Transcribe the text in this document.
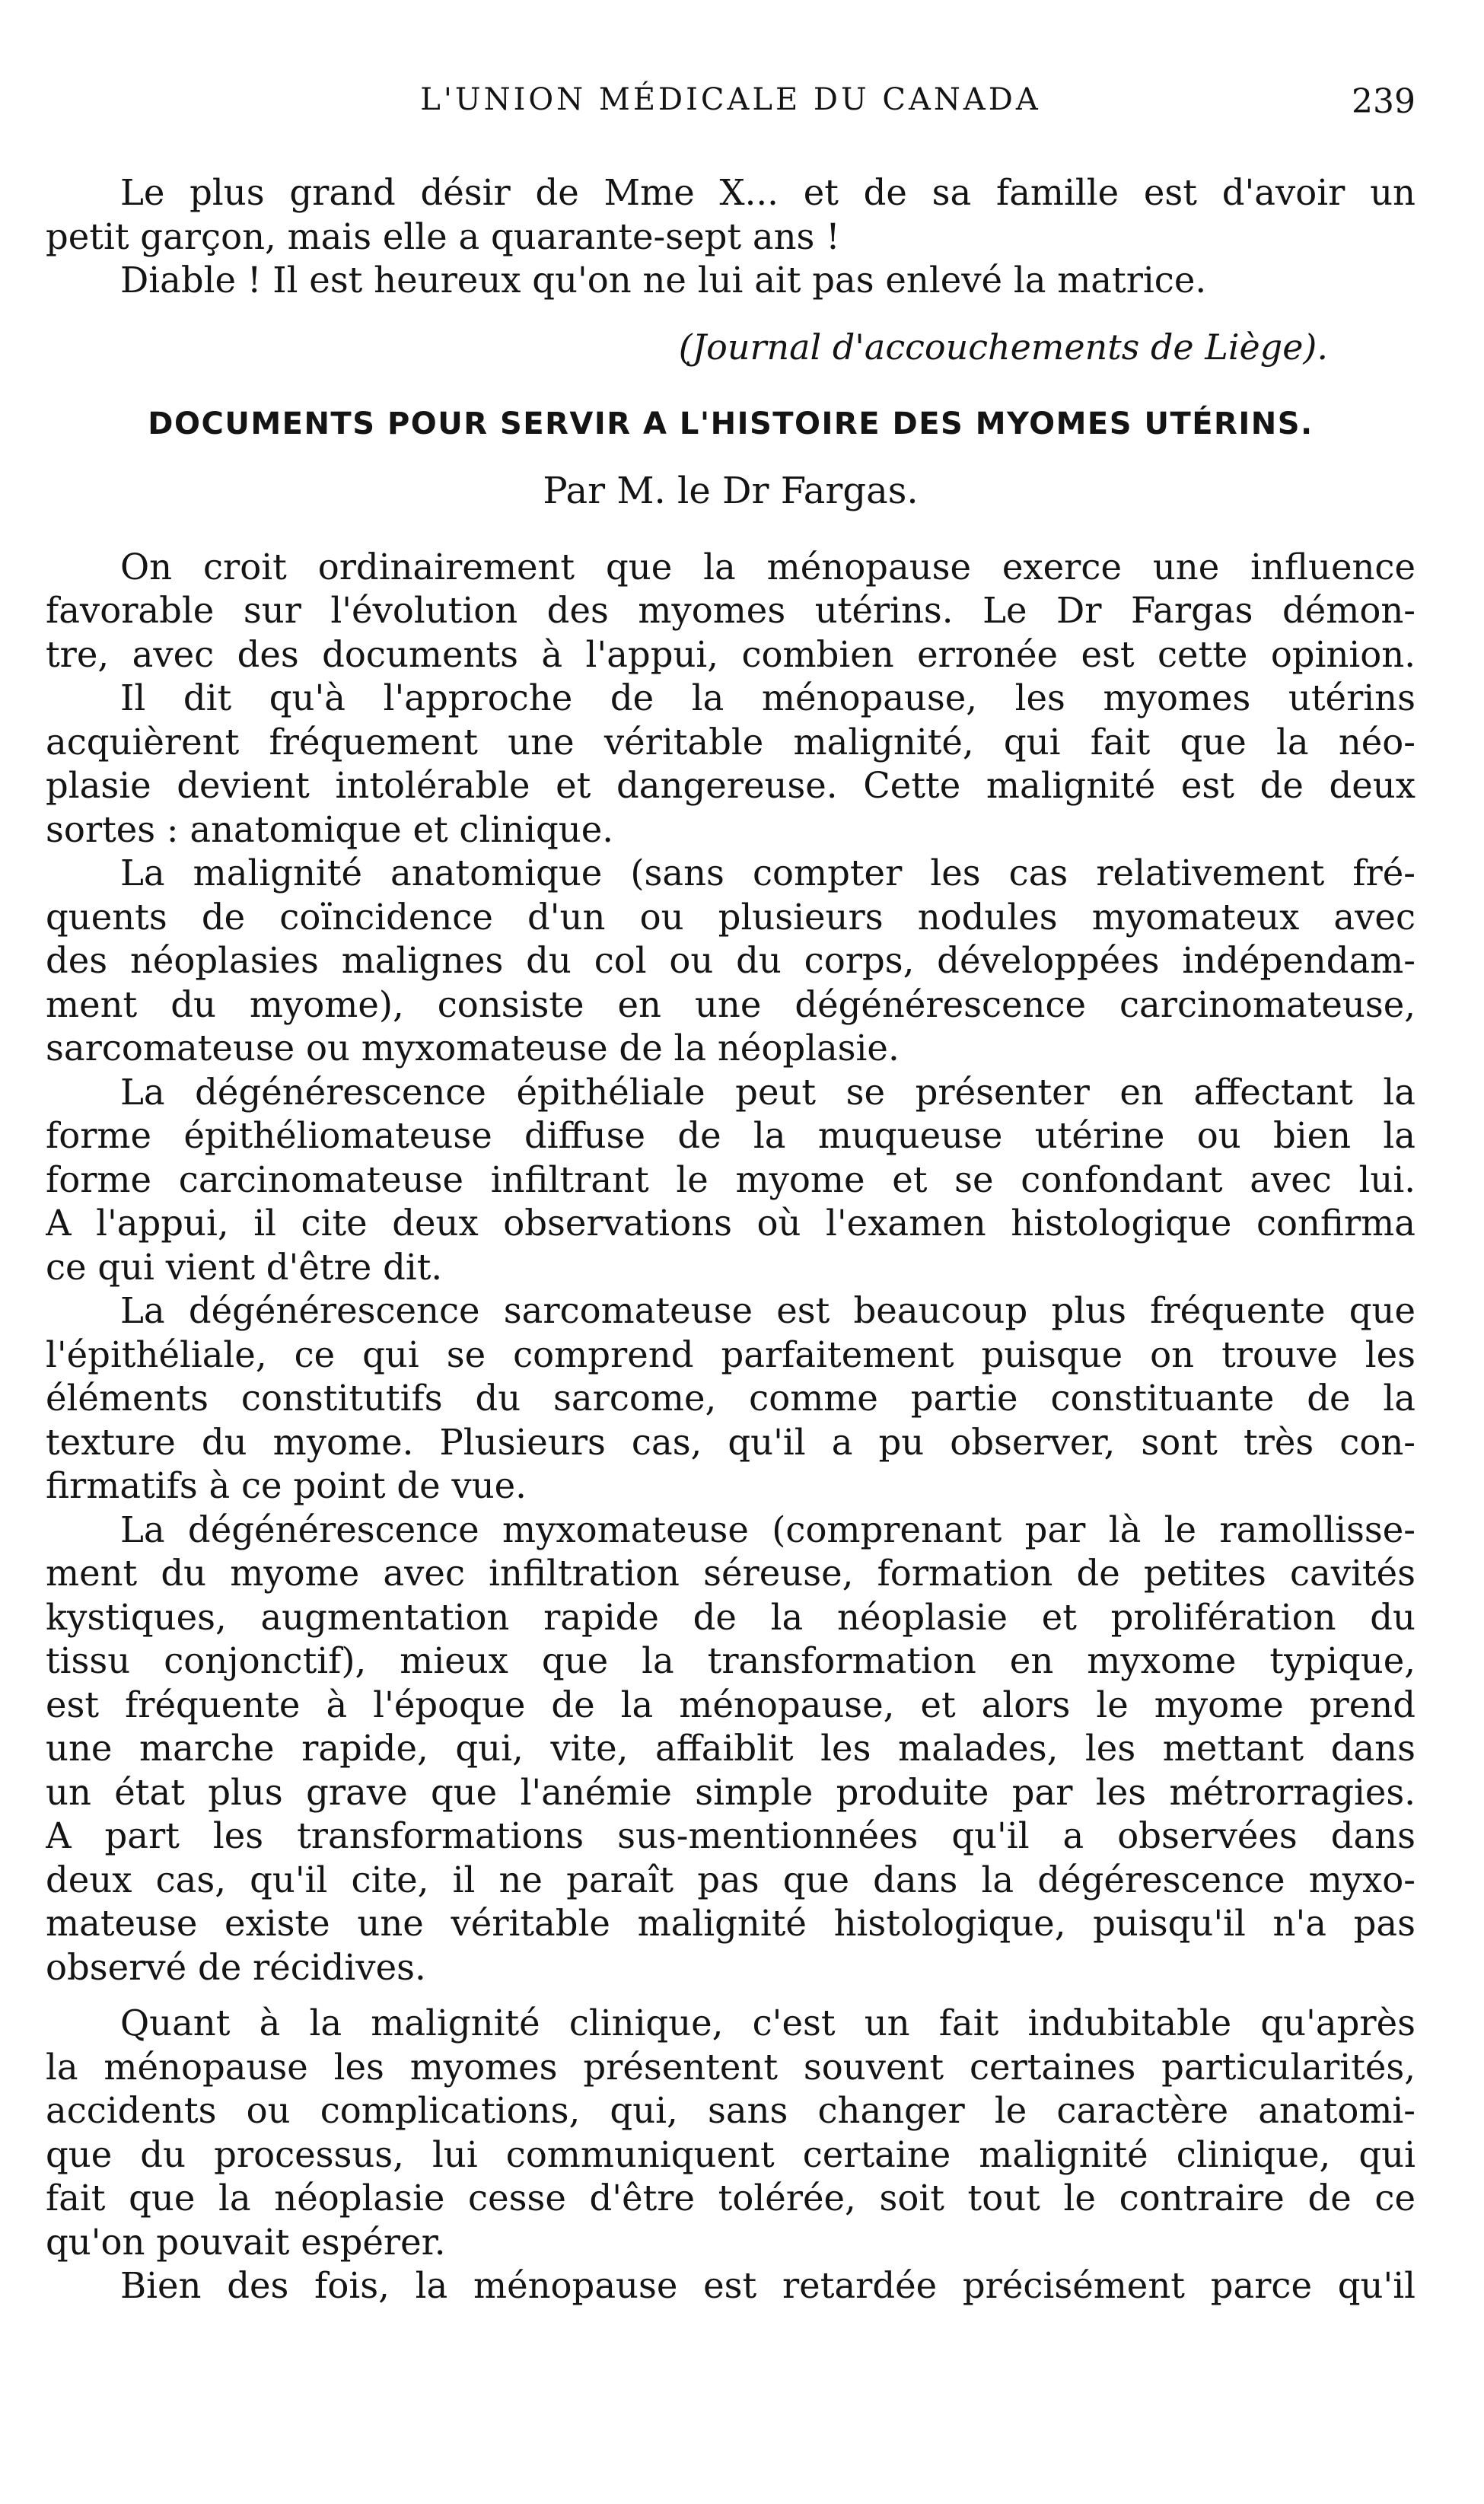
L'UNION MÉDICALE DU CANADA	239
Le plus grand désir de Mme X... et de sa famille est d'avoir un
petit garçon, mais elle a quarante-sept ans !
Diable ! Il est heureux qu'on ne lui ait pas enlevé la matrice.
(Journal d'accouchements de Liège).
DOCUMENTS POUR SERVIR A L'HISTOIRE DES MYOMES UTÉRINS.
Par M. le Dr Fargas.
On croit ordinairement que la ménopause exerce une influence
favorable sur l'évolution des myomes utérins. Le Dr Fargas démon-
tre, avec des documents à l'appui, combien erronée est cette opinion.
Il dit qu'à l'approche de la ménopause, les myomes utérins
acquièrent fréquement une véritable malignité, qui fait que la néo-
plasie devient intolérable et dangereuse. Cette malignité est de deux
sortes : anatomique et clinique.
La malignité anatomique (sans compter les cas relativement fré-
quents de coïncidence d'un ou plusieurs nodules myomateux avec
des néoplasies malignes du col ou du corps, développées indépendam-
ment du myome), consiste en une dégénérescence carcinomateuse,
sarcomateuse ou myxomateuse de la néoplasie.
La dégénérescence épithéliale peut se présenter en affectant la
forme épithéliomateuse diffuse de la muqueuse utérine ou bien la
forme carcinomateuse infiltrant le myome et se confondant avec lui.
A l'appui, il cite deux observations où l'examen histologique confirma
ce qui vient d'être dit.
La dégénérescence sarcomateuse est beaucoup plus fréquente que
l'épithéliale, ce qui se comprend parfaitement puisque on trouve les
éléments constitutifs du sarcome, comme partie constituante de la
texture du myome. Plusieurs cas, qu'il a pu observer, sont très con-
firmatifs à ce point de vue.
La dégénérescence myxomateuse (comprenant par là le ramollisse-
ment du myome avec infiltration séreuse, formation de petites cavités
kystiques, augmentation rapide de la néoplasie et prolifération du
tissu conjonctif), mieux que la transformation en myxome typique,
est fréquente à l'époque de la ménopause, et alors le myome prend
une marche rapide, qui, vite, affaiblit les malades, les mettant dans
un état plus grave que l'anémie simple produite par les métrorragies.
A part les transformations sus-mentionnées qu'il a observées dans
deux cas, qu'il cite, il ne paraît pas que dans la dégérescence myxo-
mateuse existe une véritable malignité histologique, puisqu'il n'a pas
observé de récidives.
Quant à la malignité clinique, c'est un fait indubitable qu'après
la ménopause les myomes présentent souvent certaines particularités,
accidents ou complications, qui, sans changer le caractère anatomi-
que du processus, lui communiquent certaine malignité clinique, qui
fait que la néoplasie cesse d'être tolérée, soit tout le contraire de ce
qu'on pouvait espérer.
Bien des fois, la ménopause est retardée précisément parce qu'il
